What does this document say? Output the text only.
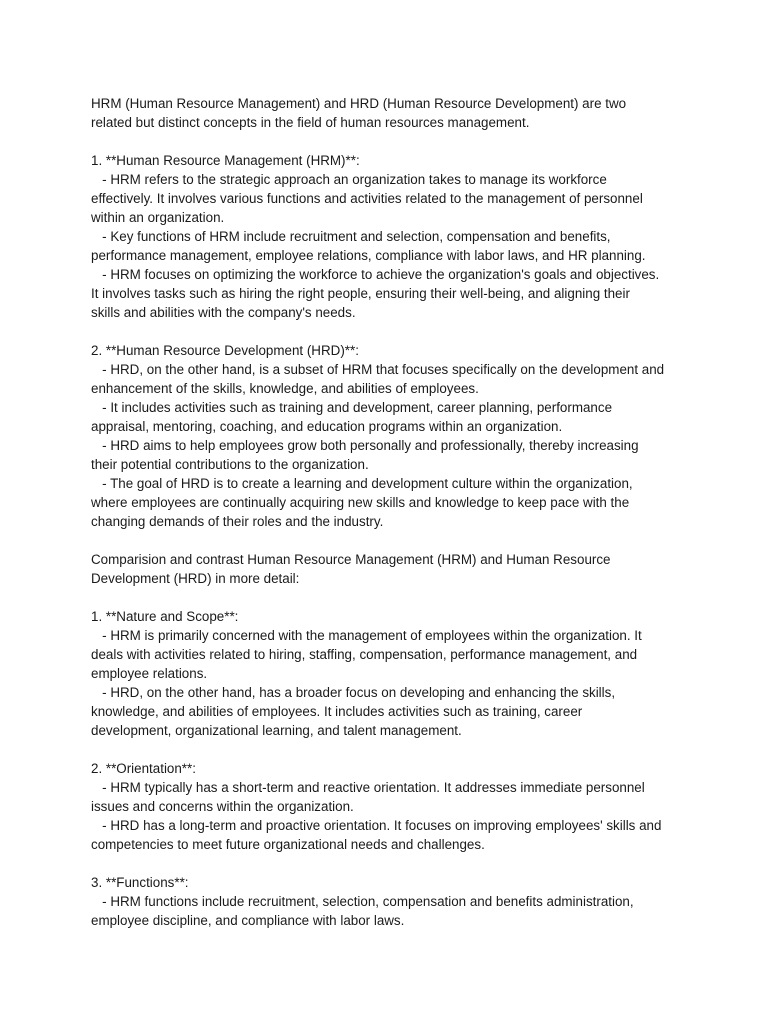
HRM (Human Resource Management) and HRD (Human Resource Development) are two
related but distinct concepts in the field of human resources management.
1. **Human Resource Management (HRM)**:
- HRM refers to the strategic approach an organization takes to manage its workforce
effectively. It involves various functions and activities related to the management of personnel
within an organization.
- Key functions of HRM include recruitment and selection, compensation and benefits,
performance management, employee relations, compliance with labor laws, and HR planning.
- HRM focuses on optimizing the workforce to achieve the organization's goals and objectives.
It involves tasks such as hiring the right people, ensuring their well-being, and aligning their
skills and abilities with the company's needs.
2. **Human Resource Development (HRD)**:
- HRD, on the other hand, is a subset of HRM that focuses specifically on the development and
enhancement of the skills, knowledge, and abilities of employees.
- It includes activities such as training and development, career planning, performance
appraisal, mentoring, coaching, and education programs within an organization.
- HRD aims to help employees grow both personally and professionally, thereby increasing
their potential contributions to the organization.
- The goal of HRD is to create a learning and development culture within the organization,
where employees are continually acquiring new skills and knowledge to keep pace with the
changing demands of their roles and the industry.
Comparision and contrast Human Resource Management (HRM) and Human Resource
Development (HRD) in more detail:
1. **Nature and Scope**:
- HRM is primarily concerned with the management of employees within the organization. It
deals with activities related to hiring, staffing, compensation, performance management, and
employee relations.
- HRD, on the other hand, has a broader focus on developing and enhancing the skills,
knowledge, and abilities of employees. It includes activities such as training, career
development, organizational learning, and talent management.
2. **Orientation**:
- HRM typically has a short-term and reactive orientation. It addresses immediate personnel
issues and concerns within the organization.
- HRD has a long-term and proactive orientation. It focuses on improving employees' skills and
competencies to meet future organizational needs and challenges.
3. **Functions**:
- HRM functions include recruitment, selection, compensation and benefits administration,
employee discipline, and compliance with labor laws.
